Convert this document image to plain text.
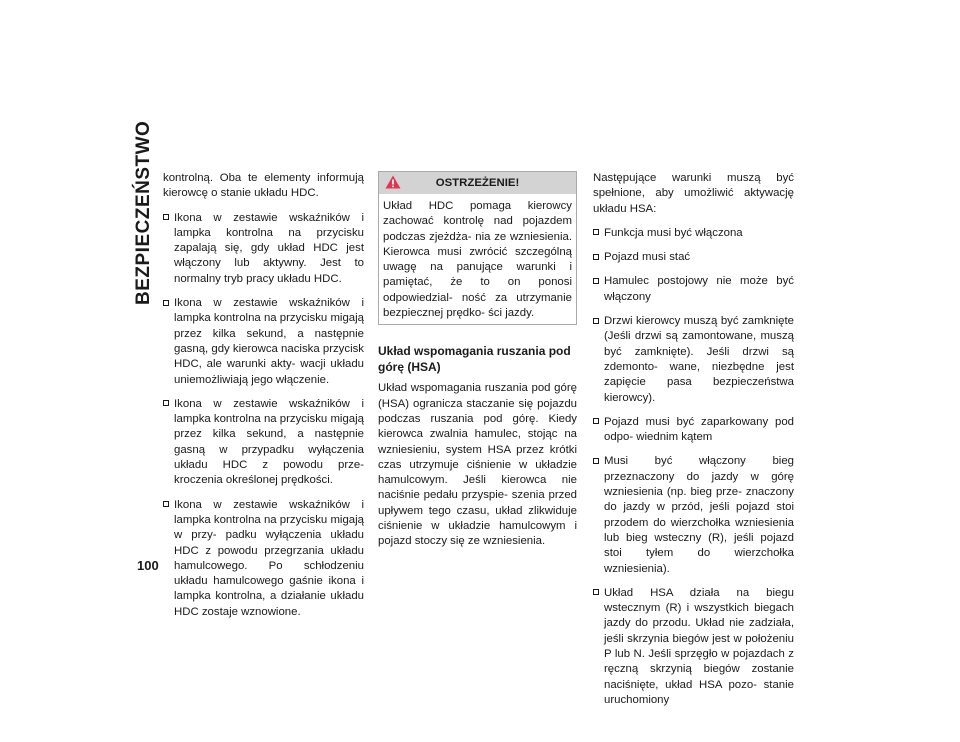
BEZPIECZEŃSTWO
100

kontrolną. Oba te elementy informują kierowcę o stanie układu HDC.

Ikona w zestawie wskaźników i lampka kontrolna na przycisku zapalają się, gdy układ HDC jest włączony lub aktywny. Jest to normalny tryb pracy układu HDC.
Ikona w zestawie wskaźników i lampka kontrolna na przycisku migają przez kilka sekund, a następnie gasną, gdy kierowca naciska przycisk HDC, ale warunki akty- wacji układu uniemożliwiają jego włączenie.
Ikona w zestawie wskaźników i lampka kontrolna na przycisku migają przez kilka sekund, a następnie gasną w przypadku wyłączenia układu HDC z powodu prze- kroczenia określonej prędkości.
Ikona w zestawie wskaźników i lampka kontrolna na przycisku migają w przy- padku wyłączenia układu HDC z powodu przegrzania układu hamulcowego. Po schłodzeniu układu hamulcowego gaśnie ikona i lampka kontrolna, a działanie układu HDC zostaje wznowione.
OSTRZEŻENIE!

Układ HDC pomaga kierowcy zachować kontrolę nad pojazdem podczas zjeżdża- nia ze wzniesienia. Kierowca musi zwrócić szczególną uwagę na panujące warunki i pamiętać, że to on ponosi odpowiedzial- ność za utrzymanie bezpiecznej prędko- ści jazdy.

Układ wspomagania ruszania pod górę (HSA)

Układ wspomagania ruszania pod górę (HSA) ogranicza staczanie się pojazdu podczas ruszania pod górę. Kiedy kierowca zwalnia hamulec, stojąc na wzniesieniu, system HSA przez krótki czas utrzymuje ciśnienie w układzie hamulcowym. Jeśli kierowca nie naciśnie pedału przyspie- szenia przed upływem tego czasu, układ zlikwiduje ciśnienie w układzie hamulcowym i pojazd stoczy się ze wzniesienia.

Następujące warunki muszą być spełnione, aby umożliwić aktywację układu HSA:

Funkcja musi być włączona
Pojazd musi stać
Hamulec postojowy nie może być włączony
Drzwi kierowcy muszą być zamknięte (Jeśli drzwi są zamontowane, muszą być zamknięte). Jeśli drzwi są zdemonto- wane, niezbędne jest zapięcie pasa bezpieczeństwa kierowcy).
Pojazd musi być zaparkowany pod odpo- wiednim kątem
Musi być włączony bieg przeznaczony do jazdy w górę wzniesienia (np. bieg prze- znaczony do jazdy w przód, jeśli pojazd stoi przodem do wierzchołka wzniesienia lub bieg wsteczny (R), jeśli pojazd stoi tyłem do wierzchołka wzniesienia).
Układ HSA działa na biegu wstecznym (R) i wszystkich biegach jazdy do przodu. Układ nie zadziała, jeśli skrzynia biegów jest w położeniu P lub N. Jeśli sprzęgło w pojazdach z ręczną skrzynią biegów zostanie naciśnięte, układ HSA pozo- stanie uruchomiony
